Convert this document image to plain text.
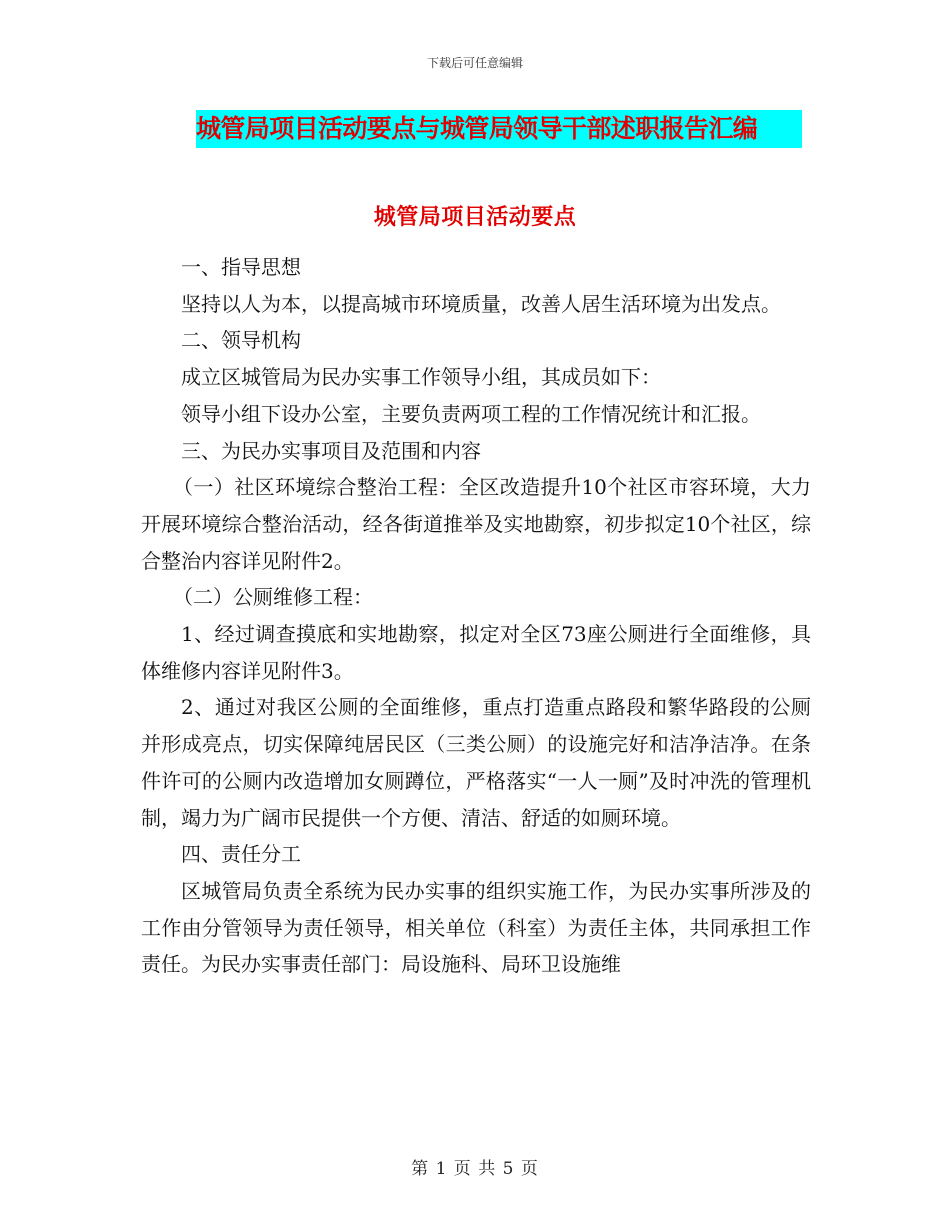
下载后可任意编辑
城管局项目活动要点与城管局领导干部述职报告汇编
城管局项目活动要点

一、指导思想

坚持以人为本，以提高城市环境质量，改善人居生活环境为出发点。

二、领导机构

成立区城管局为民办实事工作领导小组，其成员如下：

领导小组下设办公室，主要负责两项工程的工作情况统计和汇报。

三、为民办实事项目及范围和内容

（一）社区环境综合整治工程：全区改造提升10个社区市容环境，大力开展环境综合整治活动，经各街道推举及实地勘察，初步拟定10个社区，综合整治内容详见附件2。

（二）公厕维修工程：

1、经过调查摸底和实地勘察，拟定对全区73座公厕进行全面维修，具体维修内容详见附件3。

2、通过对我区公厕的全面维修，重点打造重点路段和繁华路段的公厕并形成亮点，切实保障纯居民区（三类公厕）的设施完好和洁净洁净。在条件许可的公厕内改造增加女厕蹲位，严格落实“一人一厕”及时冲洗的管理机制，竭力为广阔市民提供一个方便、清洁、舒适的如厕环境。

四、责任分工

区城管局负责全系统为民办实事的组织实施工作，为民办实事所涉及的工作由分管领导为责任领导，相关单位（科室）为责任主体，共同承担工作责任。为民办实事责任部门：局设施科、局环卫设施维

第 1 页 共 5 页
